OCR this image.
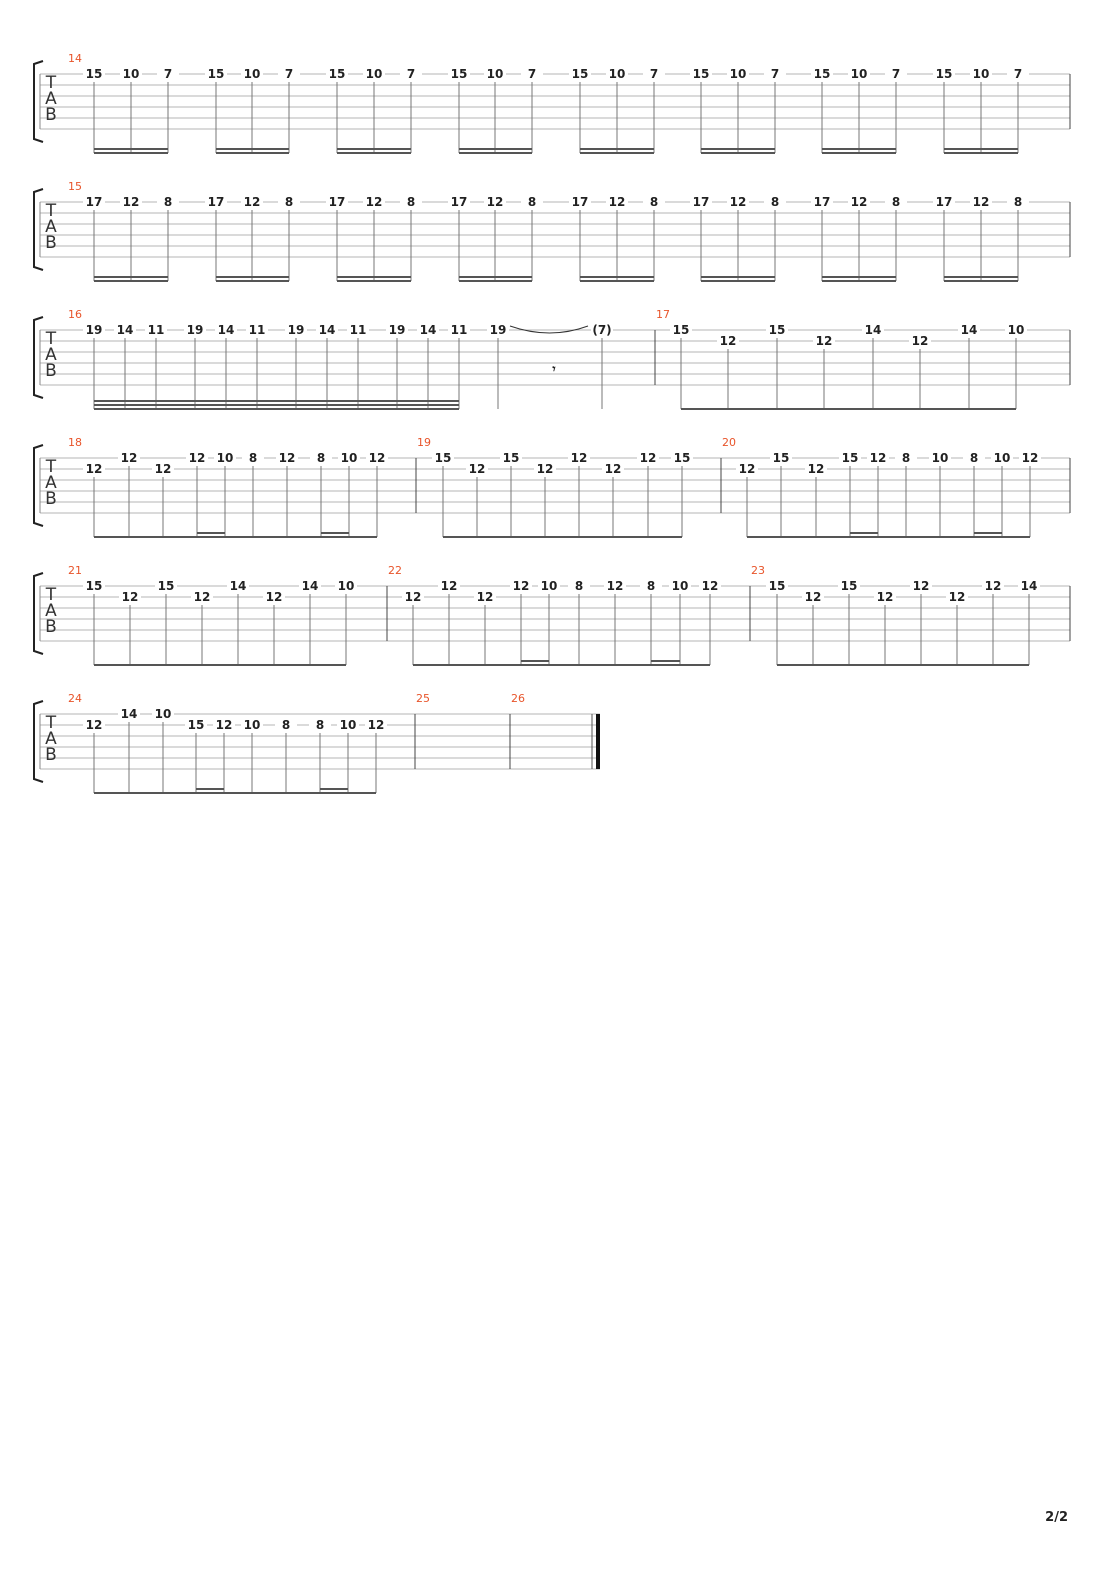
T
A
B
14
15 10 7	15 10 7	15 10 7	15 10 7	15 10 7	15 10 7	15 10 7	15 10 7
T
A
B
15
17 12 8	17 12 8	17 12 8	17 12 8	17 12 8	17 12 8	17 12 8	17 12 8
T
A
B
16
19 14 11 19 14 11 19 14 11 19 14 11 19	(7)
𝄾
17
15
12
15
12
14
12
14	10
T
A
B
18
12
12
12
12 10 8 12 8 10 12
19
15
12
15
12
12
12
12 15
20
12
15
12
15 12 8 10 8 10 12
T
A
B
21
15
12
15
12
14
12
14 10
22
12
12
12
12 10 8 12 8 10 12
23
15
12
15
12
12
12
12 14
T
A
B
24
12
14 10
15 12 10 8 8 10 12
25	26
2/2
